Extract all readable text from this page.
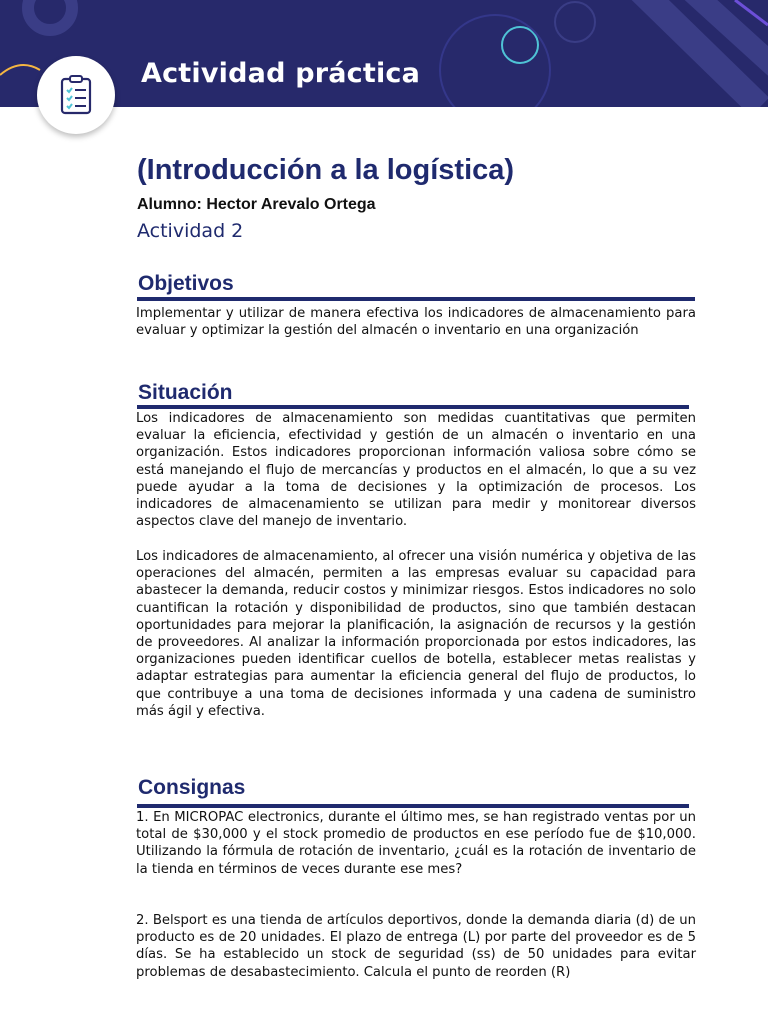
Actividad práctica
(Introducción a la logística)
Alumno: Hector Arevalo Ortega
Actividad 2
Objetivos

Implementar y utilizar de manera efectiva los indicadores de almacenamiento para evaluar y optimizar la gestión del almacén o inventario en una organización

Situación

Los indicadores de almacenamiento son medidas cuantitativas que permiten evaluar la eficiencia, efectividad y gestión de un almacén o inventario en una organización. Estos indicadores proporcionan información valiosa sobre cómo se está manejando el flujo de mercancías y productos en el almacén, lo que a su vez puede ayudar a la toma de decisiones y la optimización de procesos. Los indicadores de almacenamiento se utilizan para medir y monitorear diversos aspectos clave del manejo de inventario.

Los indicadores de almacenamiento, al ofrecer una visión numérica y objetiva de las operaciones del almacén, permiten a las empresas evaluar su capacidad para abastecer la demanda, reducir costos y minimizar riesgos. Estos indicadores no solo cuantifican la rotación y disponibilidad de productos, sino que también destacan oportunidades para mejorar la planificación, la asignación de recursos y la gestión de proveedores. Al analizar la información proporcionada por estos indicadores, las organizaciones pueden identificar cuellos de botella, establecer metas realistas y adaptar estrategias para aumentar la eficiencia general del flujo de productos, lo que contribuye a una toma de decisiones informada y una cadena de suministro más ágil y efectiva.

Consignas

1. En MICROPAC electronics, durante el último mes, se han registrado ventas por un total de $30,000 y el stock promedio de productos en ese período fue de $10,000. Utilizando la fórmula de rotación de inventario, ¿cuál es la rotación de inventario de la tienda en términos de veces durante ese mes?

2. Belsport es una tienda de artículos deportivos, donde la demanda diaria (d) de un producto es de 20 unidades. El plazo de entrega (L) por parte del proveedor es de 5 días. Se ha establecido un stock de seguridad (ss) de 50 unidades para evitar problemas de desabastecimiento. Calcula el punto de reorden (R)
